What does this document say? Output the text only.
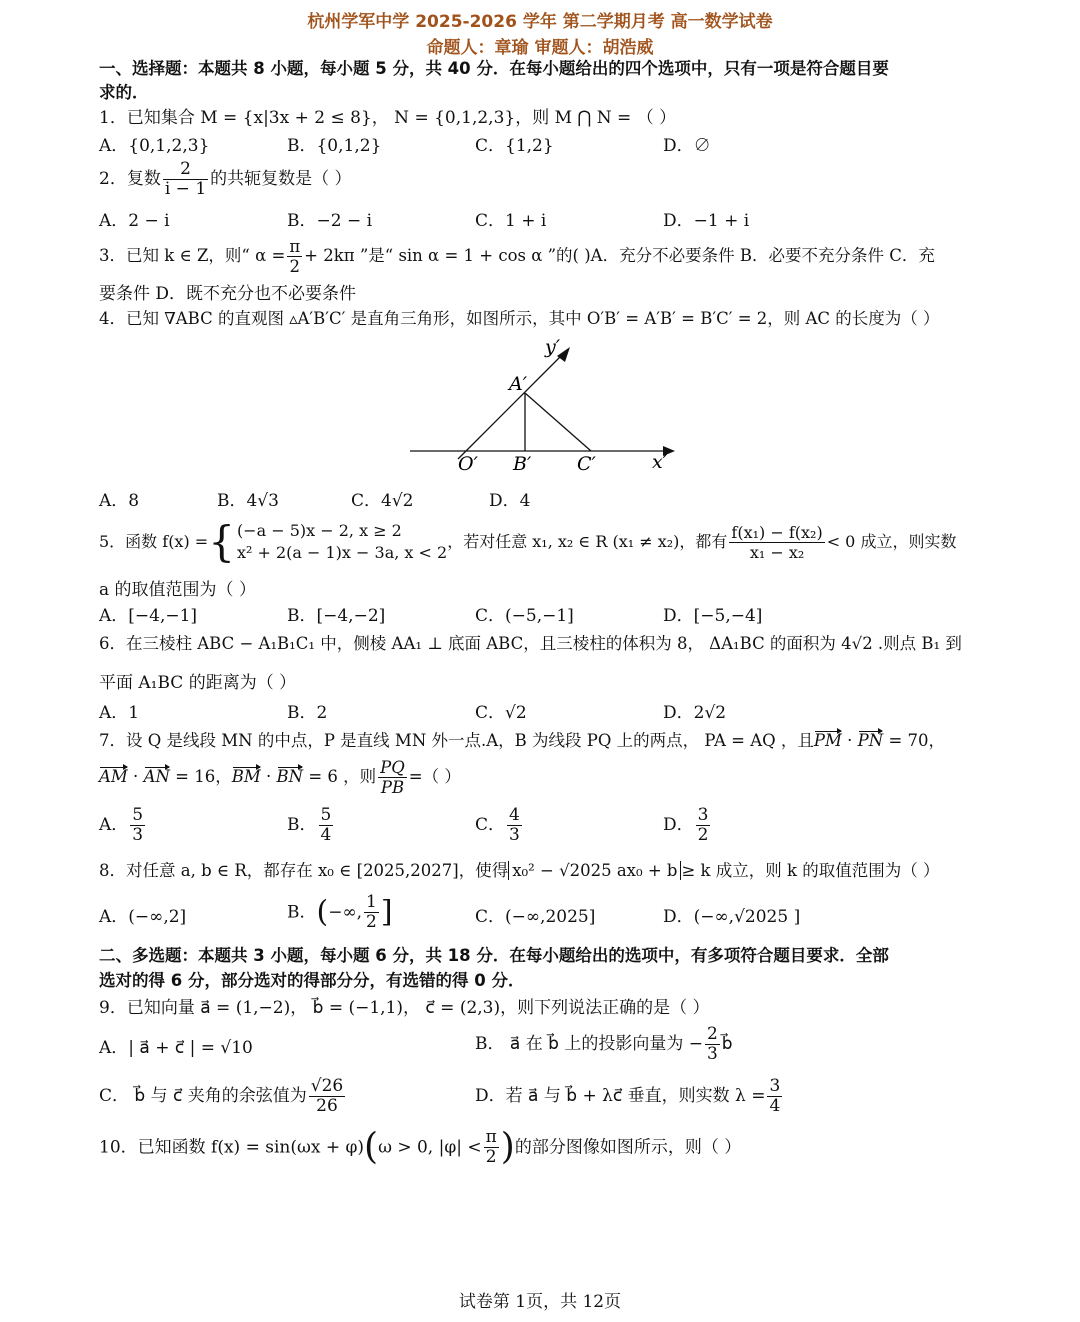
杭州学军中学 2025-2026 学年 第二学期月考 高一数学试卷
命题人：章瑜 审题人：胡浩威
一、选择题：本题共 8 小题，每小题 5 分，共 40 分．在每小题给出的四个选项中，只有一项是符合题目要
求的．
1．已知集合 M = {x|3x + 2 ≤ 8}， N = {0,1,2,3}，则 M ⋂ N = （ ）
A．{0,1,2,3}	B．{0,1,2}	C．{1,2}	D．∅
2．复数 $\frac{2}{i - 1}$ 的共轭复数是（ ）
A．2 − i	B．−2 − i	C．1 + i	D．−1 + i
3．已知 k ∈ Z，则“ $\alpha = \frac{\pi}{2} + 2k\pi$ ”是“ sin α = 1 + cos α ”的( )A．充分不必要条件 B．必要不充分条件 C．充
要条件 D．既不充分也不必要条件
4．已知 ∇ABC 的直观图 ▵A′B′C′ 是直角三角形，如图所示，其中 O′B′ = A′B′ = B′C′ = 2，则 AC 的长度为（ ）
y′
x′
A′
O′ B′ C′
A．8	B．4√3	C．4√2	D．4
5．函数 f(x) ={ (−a − 5)x − 2, x ≥ 2
x² + 2(a − 1)x − 3a, x < 2
，若对任意 x₁, x₂ ∈ R (x₁ ≠ x₂)，都有 $\frac{\text{f(x₁) − f(x₂)}}{\text{x₁ − x₂}} < 0$ 成立，则实数
a 的取值范围为（ ）
A．[−4,−1]	B．[−4,−2]	C．(−5,−1]	D．[−5,−4]
6．在三棱柱 ABC − A₁B₁C₁ 中，侧棱 AA₁ ⊥ 底面 ABC，且三棱柱的体积为 8， ΔA₁BC 的面积为 4√2 .则点 B₁ 到
平面 A₁BC 的距离为（ ）
A．1	B．2	C．√2	D．2√2
7．设 Q 是线段 MN 的中点，P 是直线 MN 外一点.A，B 为线段 PQ 上的两点， PA = AQ ，且PM · PN = 70，
AM · AN = 16，BM · BN = 6 ，则 $\frac{PQ}{PB}$ =（ ）
A． $\frac{5}{3}$	B． $\frac{5}{4}$	C． $\frac{4}{3}$	D． $\frac{3}{2}$
8．对任意 a, b ∈ R，都存在 x₀ ∈ [2025,2027]，使得 x₀² − √2025 ax₀ + b ≥ k 成立，则 k 的取值范围为（ ）
A．(−∞,2]	B．(−∞, $\frac{1}{2}$ ]	C．(−∞,2025]	D．(−∞,√2025 ]
二、多选题：本题共 3 小题，每小题 6 分，共 18 分．在每小题给出的选项中，有多项符合题目要求．全部
选对的得 6 分，部分选对的得部分分，有选错的得 0 分．
9．已知向量 a⃗ = (1,−2)， b⃗ = (−1,1)， c⃗ = (2,3)，则下列说法正确的是（ ）
A．| a⃗ + c⃗ | = √10	B． a⃗ 在 b⃗ 上的投影向量为 − $\frac{2}{3}$ b⃗
C． b⃗ 与 c⃗ 夹角的余弦值为 $\frac{√26}{26}$	D．若 a⃗ 与 b⃗ + λc⃗ 垂直，则实数 $\lambda = \frac{3}{4}$
10．已知函数 f(x) = sin(ωx + φ)(ω > 0, $|\varphi| < \frac{\pi}{2}$ )的部分图像如图所示，则（ ）
试卷第 1页，共 12页
